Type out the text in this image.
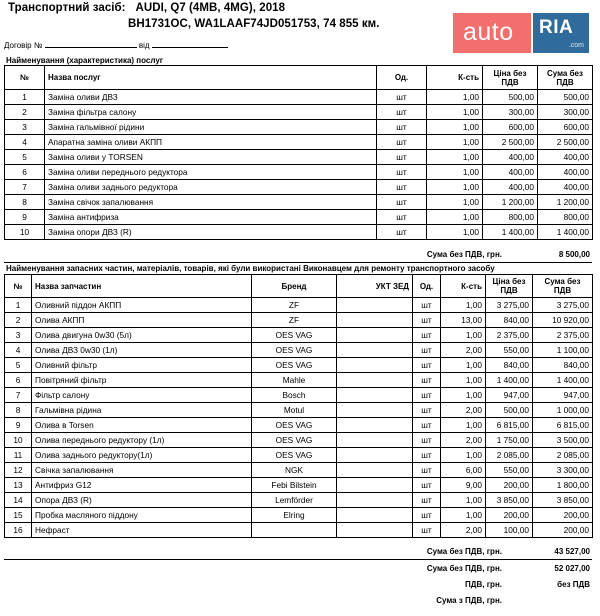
Транспортний засіб: AUDI, Q7 (4MB, 4MG), 2018
BH1731OC, WA1LAAF74JD051753, 74 855 км.	auto	RIA
.com
Договір №	від
Найменування (характеристика) послуг
№	Назва послуг	Од.	К-сть	Ціна без ПДВ	Сума без ПДВ
1	Заміна оливи ДВЗ	шт	1,00	500,00	500,00
2	Заміна фільтра салону	шт	1,00	300,00	300,00
3	Заміна гальмівної рідини	шт	1,00	600,00	600,00
4	Апаратна заміна оливи АКПП	шт	1,00	2 500,00	2 500,00
5	Заміна оливи у TORSEN	шт	1,00	400,00	400,00
6	Заміна оливи переднього редуктора	шт	1,00	400,00	400,00
7	Заміна оливи заднього редуктора	шт	1,00	400,00	400,00
8	Заміна свічок запалювання	шт	1,00	1 200,00	1 200,00
9	Заміна антифриза	шт	1,00	800,00	800,00
10	Заміна опори ДВЗ (R)	шт	1,00	1 400,00	1 400,00
Сума без ПДВ, грн.	8 500,00
Найменування запасних частин, матеріалів, товарів, які були використані Виконавцем для ремонту транспортного засобу
№	Назва запчастин	Бренд	УКТ ЗЕД	Од.	К-сть	Ціна без ПДВ	Сума без ПДВ
1	Оливний піддон АКПП	ZF		шт	1,00	3 275,00	3 275,00
2	Олива АКПП	ZF		шт	13,00	840,00	10 920,00
3	Олива двигуна 0w30 (5л)	OES VAG		шт	1,00	2 375,00	2 375,00
4	Олива ДВЗ 0w30 (1л)	OES VAG		шт	2,00	550,00	1 100,00
5	Оливний фільтр	OES VAG		шт	1,00	840,00	840,00
6	Повітряний фільтр	Mahle		шт	1,00	1 400,00	1 400,00
7	Фільтр салону	Bosch		шт	1,00	947,00	947,00
8	Гальмівна рідина	Motul		шт	2,00	500,00	1 000,00
9	Олива в Torsen	OES VAG		шт	1,00	6 815,00	6 815,00
10	Олива переднього редуктору (1л)	OES VAG		шт	2,00	1 750,00	3 500,00
11	Олива заднього редуктору(1л)	OES VAG		шт	1,00	2 085,00	2 085,00
12	Свічка запалювання	NGK		шт	6,00	550,00	3 300,00
13	Антифриз G12	Febi Bilstein		шт	9,00	200,00	1 800,00
14	Опора ДВЗ (R)	Lemförder		шт	1,00	3 850,00	3 850,00
15	Пробка масляного піддону	Elring		шт	1,00	200,00	200,00
16	Нефраст			шт	2,00	100,00	200,00
Сума без ПДВ, грн.	43 527,00
Сума без ПДВ, грн.	52 027,00
ПДВ, грн.	без ПДВ
Сума з ПДВ, грн.
